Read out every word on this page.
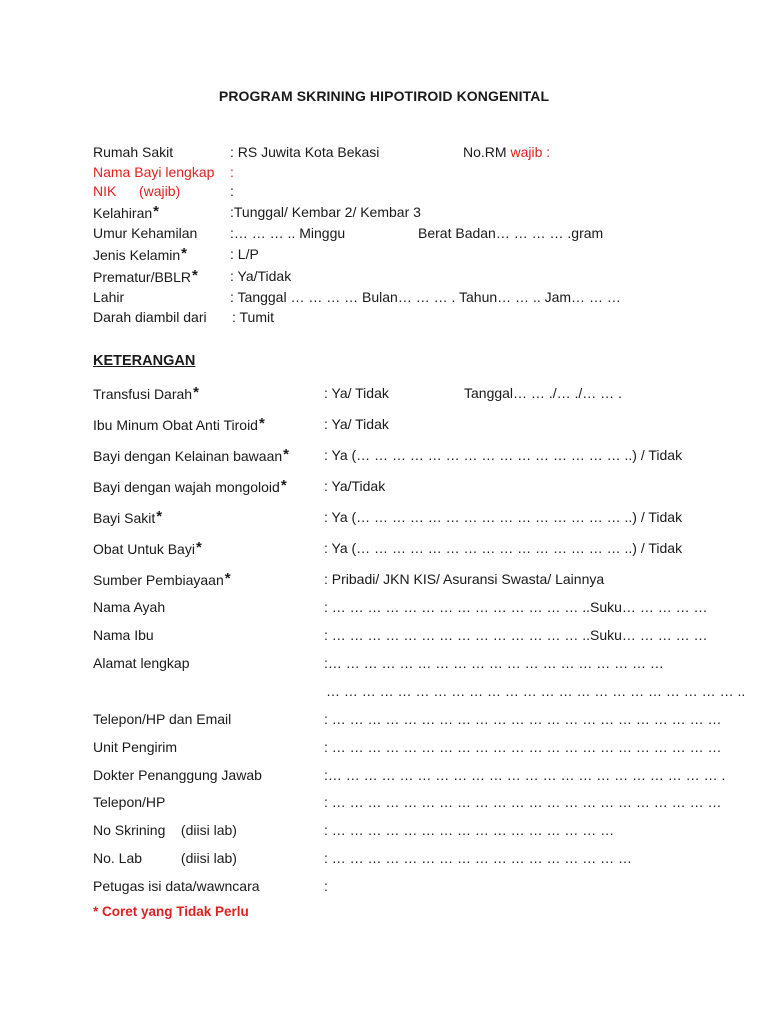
PROGRAM SKRINING HIPOTIROID KONGENITAL
Rumah Sakit	: RS Juwita Kota Bekasi	No.RM wajib :
Nama Bayi lengkap :
NIK (wajib)	:
Kelahiran*	:Tunggal/ Kembar 2/ Kembar 3
Umur Kehamilan :… … … .. Minggu	Berat Badan… … … … .gram
Jenis Kelamin*	: L/P
Prematur/BBLR* : Ya/Tidak
Lahir	: Tanggal … … … … Bulan… … … . Tahun… … .. Jam… … …
Darah diambil dari : Tumit
KETERANGAN
Transfusi Darah*	: Ya/ Tidak	Tanggal… … ./… ./… … .
Ibu Minum Obat Anti Tiroid*	: Ya/ Tidak
Bayi dengan Kelainan bawaan*	: Ya (… … … … … … … … … … … … … … … ..) / Tidak
Bayi dengan wajah mongoloid*	: Ya/Tidak
Bayi Sakit*	: Ya (… … … … … … … … … … … … … … … ..) / Tidak
Obat Untuk Bayi*	: Ya (… … … … … … … … … … … … … … … ..) / Tidak
Sumber Pembiayaan*	: Pribadi/ JKN KIS/ Asuransi Swasta/ Lainnya
Nama Ayah	: … … … … … … … … … … … … … … ..Suku… … … … …
Nama Ibu	: … … … … … … … … … … … … … … ..Suku… … … … …
Alamat lengkap	:… … … … … … … … … … … … … … … … … … …
… … … … … … … … … … … … … … … … … … … … … … … ..
Telepon/HP dan Email	: … … … … … … … … … … … … … … … … … … … … … …
Unit Pengirim	: … … … … … … … … … … … … … … … … … … … … … …
Dokter Penanggung Jawab	:… … … … … … … … … … … … … … … … … … … … … … .
Telepon/HP	: … … … … … … … … … … … … … … … … … … … … … …
No Skrining    (diisi lab)	: … … … … … … … … … … … … … … … …
No. Lab          (diisi lab)	: … … … … … … … … … … … … … … … … …
Petugas isi data/wawncara	:
* Coret yang Tidak Perlu
